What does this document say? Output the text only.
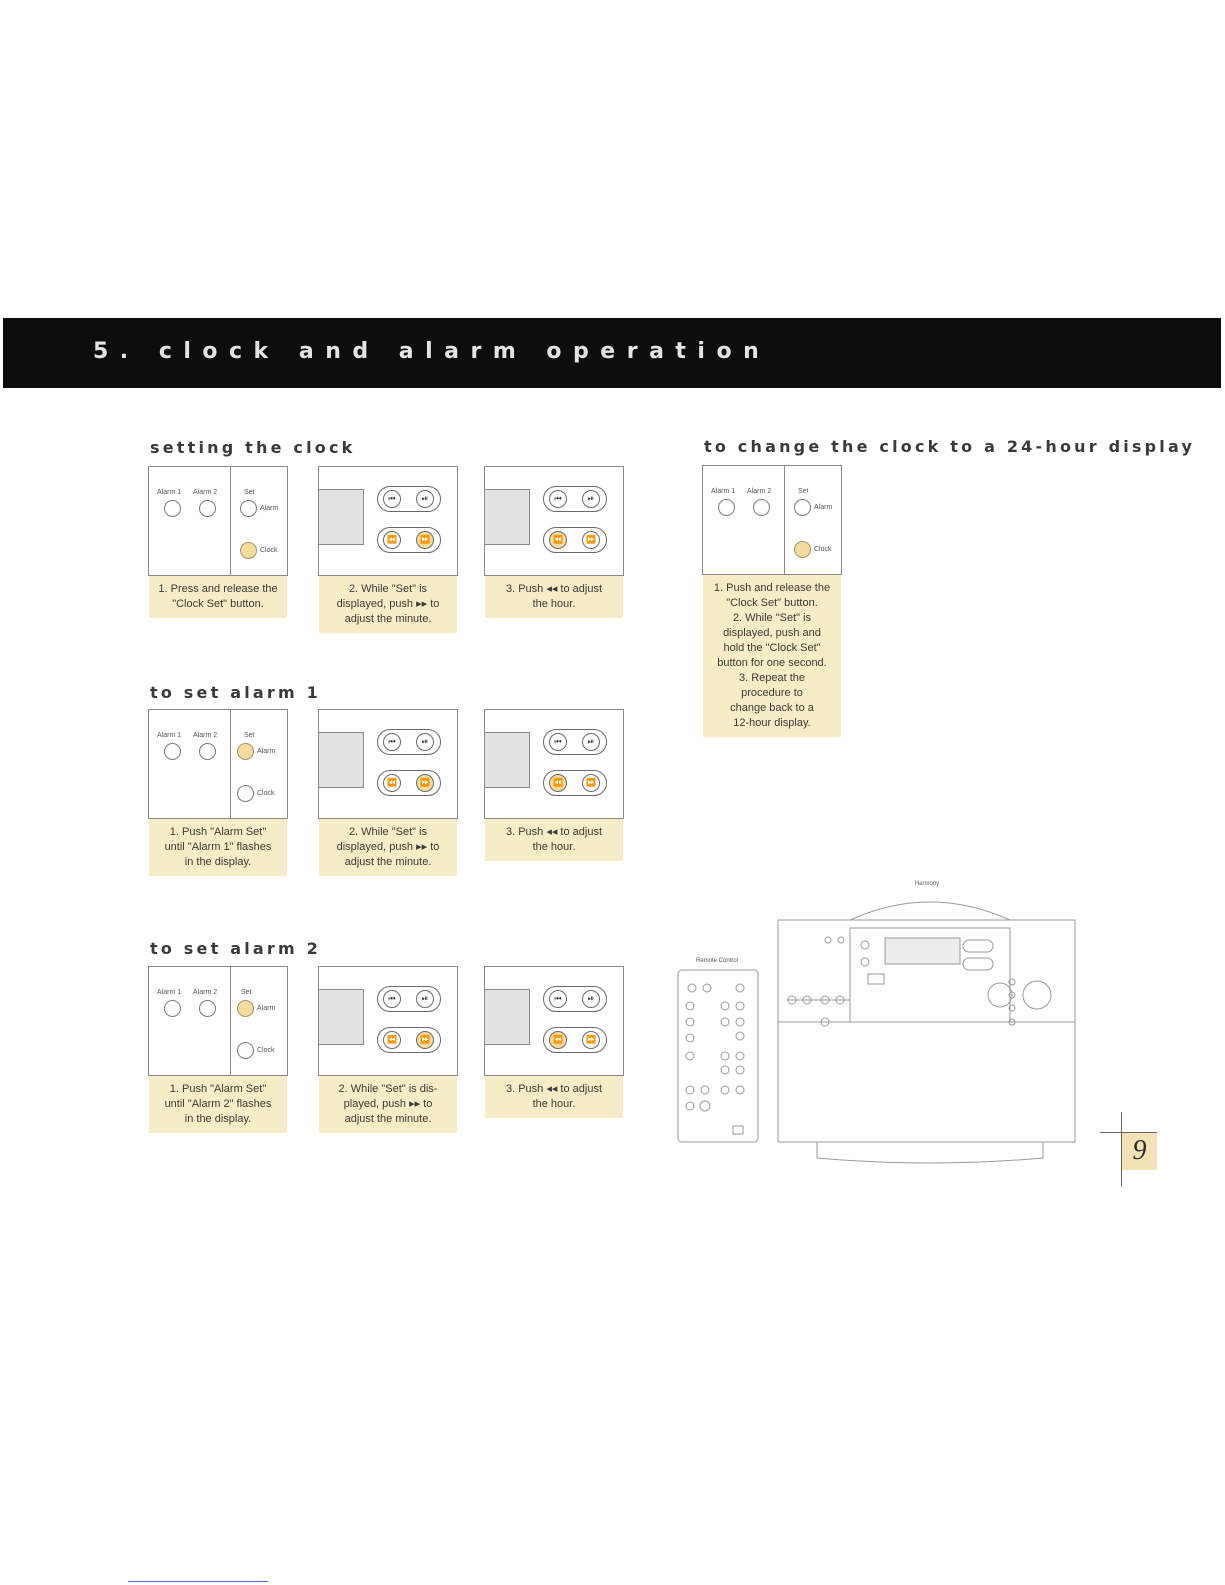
5. clock and alarm operation
setting the clock
Alarm 1 Alarm 2	Set
Alarm
Clock
⏮	⏯
⏪	⏩
⏮	⏯
⏪	⏩
1. Press and release the
"Clock Set" button.
2. While "Set" is
displayed, push ▸▸ to
adjust the minute.
3. Push ◂◂ to adjust
the hour.
to set alarm 1
Alarm 1 Alarm 2	Set
Alarm
Clock
⏮	⏯
⏪	⏩
⏮	⏯
⏪	⏩
1. Push "Alarm Set"
until "Alarm 1" flashes
in the display.
2. While "Set" is
displayed, push ▸▸ to
adjust the minute.
3. Push ◂◂ to adjust
the hour.
to set alarm 2
Alarm 1 Alarm 2	Set
Alarm
Clock
⏮	⏯
⏪	⏩
⏮	⏯
⏪	⏩
1. Push "Alarm Set"
until "Alarm 2" flashes
in the display.
2. While "Set" is dis-
played, push ▸▸ to
adjust the minute.
3. Push ◂◂ to adjust
the hour.
to change the clock to a 24-hour display
Alarm 1 Alarm 2	Set
Alarm
Clock
1. Push and release the
"Clock Set" button.
2. While "Set" is
displayed, push and
hold the "Clock Set"
button for one second.
3. Repeat the
procedure to
change back to a
12-hour display.
Remote Control
Harmony
9
